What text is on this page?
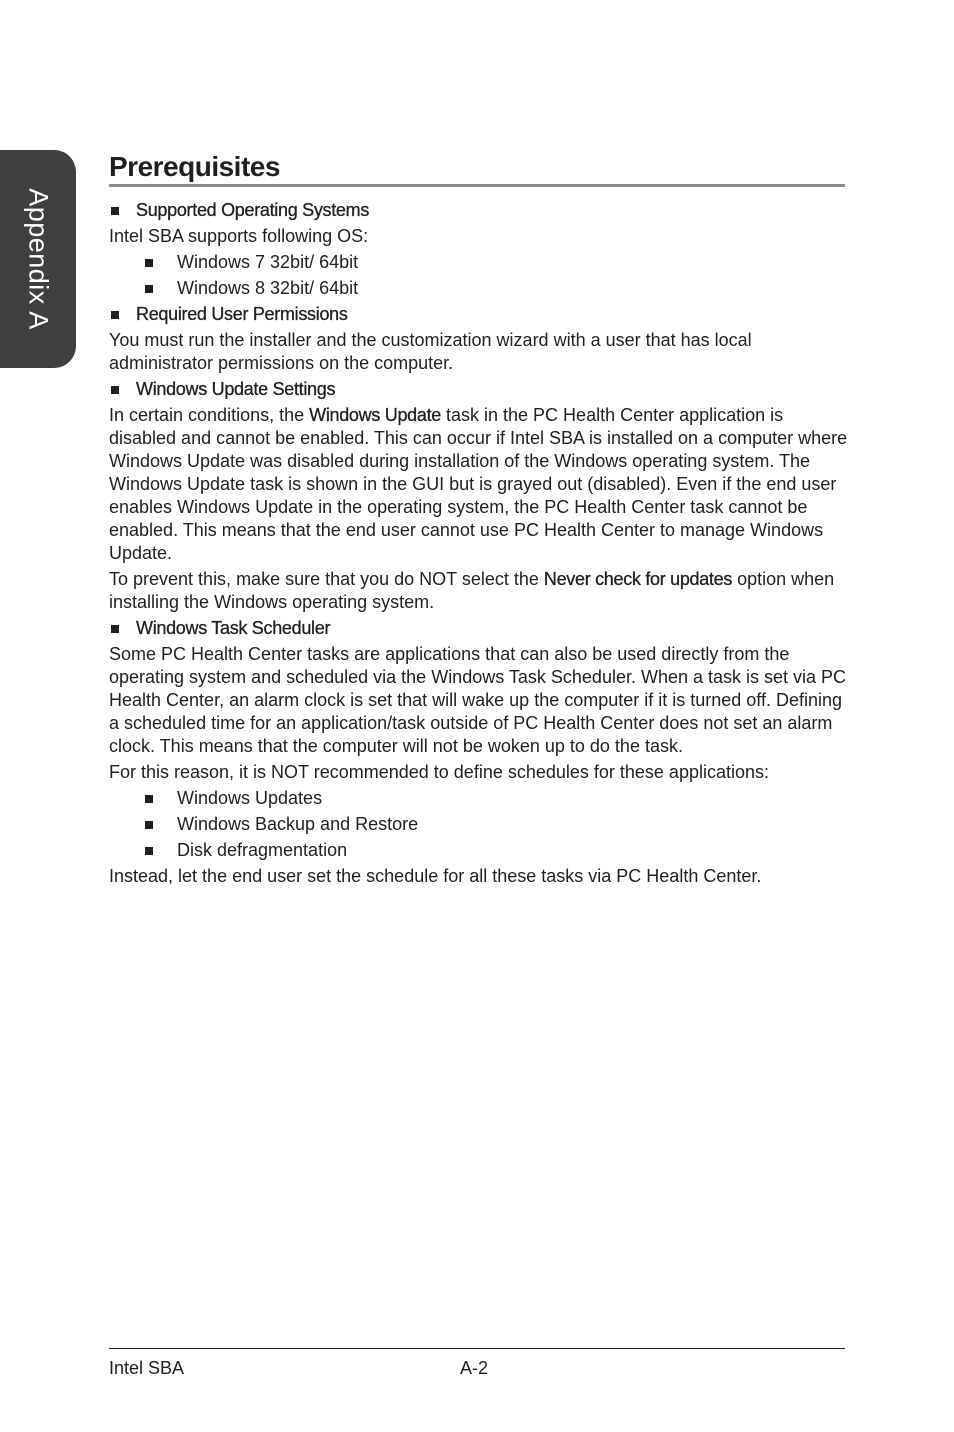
Appendix A
Prerequisites
Supported Operating Systems

Intel SBA supports following OS:

Windows 7 32bit/ 64bit
Windows 8 32bit/ 64bit
Required User Permissions

You must run the installer and the customization wizard with a user that has local administrator permissions on the computer.

Windows Update Settings

In certain conditions, the Windows Update task in the PC Health Center application is disabled and cannot be enabled. This can occur if Intel SBA is installed on a computer where Windows Update was disabled during installation of the Windows operating system. The Windows Update task is shown in the GUI but is grayed out (disabled). Even if the end user enables Windows Update in the operating system, the PC Health Center task cannot be enabled. This means that the end user cannot use PC Health Center to manage Windows Update.

To prevent this, make sure that you do NOT select the Never check for updates option when installing the Windows operating system.

Windows Task Scheduler

Some PC Health Center tasks are applications that can also be used directly from the operating system and scheduled via the Windows Task Scheduler. When a task is set via PC Health Center, an alarm clock is set that will wake up the computer if it is turned off. Defining a scheduled time for an application/task outside of PC Health Center does not set an alarm clock. This means that the computer will not be woken up to do the task.

For this reason, it is NOT recommended to define schedules for these applications:

Windows Updates
Windows Backup and Restore
Disk defragmentation

Instead, let the end user set the schedule for all these tasks via PC Health Center.

Intel SBA	A-2
